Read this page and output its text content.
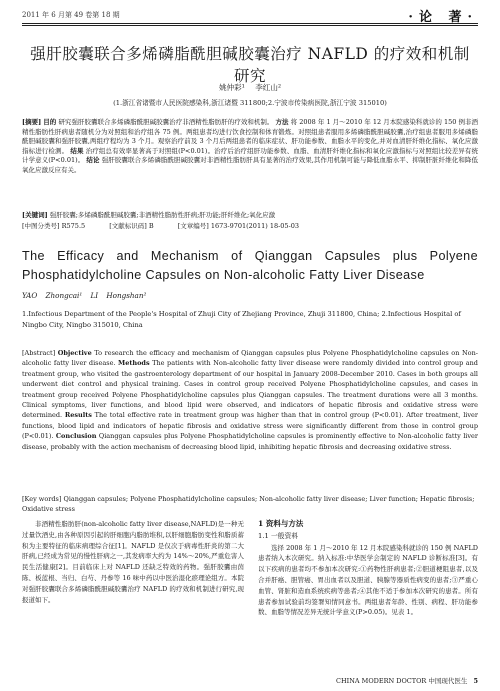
2011 年 6 月第 49 卷第 18 期	·论 著·
强肝胶囊联合多烯磷脂酰胆碱胶囊治疗 NAFLD 的疗效和机制研究
姚仲彩¹ 李红山²
(1.浙江省诸暨市人民医院感染科,浙江诸暨 311800;2.宁波市传染病医院,浙江宁波 315010)
[摘要] 目的 研究强肝胶囊联合多烯磷脂酰胆碱胶囊治疗非酒精性脂肪肝的疗效和机制。 方法 将 2008 年 1 月～2010 年 12 月本院感染科就诊的 150 例非酒精性脂肪性肝病患者随机分为对照组和治疗组各 75 例。两组患者均进行饮食控制和体育锻炼。对照组患者服用多烯磷脂酰胆碱胶囊,治疗组患者服用多烯磷脂酰胆碱胶囊和强肝胶囊,两组疗程均为 3 个月。观察治疗前及 3 个月后两组患者的临床症状、肝功能参数、血脂水平的变化,并对血清肝纤维化指标、氧化应激指标进行检测。 结果 治疗组总有效率显著高于对照组(P<0.01)。治疗后治疗组肝功能参数、血脂、血清肝纤维化指标和氧化应激指标与对照组比较差异有统计学意义(P<0.01)。 结论 强肝胶囊联合多烯磷脂酰胆碱胶囊对非酒精性脂肪肝具有显著的治疗效果,其作用机制可能与降低血脂水平、抑制肝脏纤维化和降低氧化应激反应有关。
[关键词] 强肝胶囊;多烯磷脂酰胆碱胶囊;非酒精性脂肪性肝病;肝功能;肝纤维化;氧化应激
[中图分类号] R575.5	[文献标识码] B	[文章编号] 1673-9701(2011) 18-05-03
The Efficacy and Mechanism of Qianggan Capsules plus Polyene Phosphatidylcholine Capsules on Non-alcoholic Fatty Liver Disease
YAO Zhongcai¹ LI Hongshan²
1.Infectious Department of the People's Hospital of Zhuji City of Zhejiang Province, Zhuji 311800, China; 2.Infectious Hospital of Ningbo City, Ningbo 315010, China
[Abstract] Objective To research the efficacy and mechanism of Qianggan capsules plus Polyene Phosphatidylcholine capsules on Non-alcoholic fatty liver disease. Methods The patients with Non-alcoholic fatty liver disease were randomly divided into control group and treatment group, who visited the gastroenterology department of our hospital in January 2008-December 2010. Cases in both groups all underwent diet control and physical training. Cases in control group received Polyene Phosphatidylcholine capsules, and cases in treatment group received Polyene Phosphatidylcholine capsules plus Qianggan capsules. The treatment durations were all 3 months. Clinical symptoms, liver functions, and blood lipid were observed, and indicators of hepatic fibrosis and oxidative stress were determined. Results The total effective rate in treatment group was higher than that in control group (P<0.01). After treatment, liver functions, blood lipid and indicators of hepatic fibrosis and oxidative stress were significantly different from those in control group (P<0.01). Conclusion Qianggan capsules plus Polyene Phosphatidylcholine capsules is prominently effective to Non-alcoholic fatty liver disease, probably with the action mechanism of decreasing blood lipid, inhibiting hepatic fibrosis and decreasing oxidative stress.
[Key words] Qianggan capsules; Polyene Phosphatidylcholine capsules; Non-alcoholic fatty liver disease; Liver function; Hepatic fibrosis; Oxidative stress
非酒精性脂肪肝(non-alcoholic fatty liver disease,NAFLD)是一种无过量饮酒史,由各种原因引起的肝细胞内脂肪堆积,以肝细胞脂肪变性和脂质蓄积为主要特征的临床病理综合征[1]。NAFLD 是仅次于病毒性肝炎的第二大肝病,已经成为常见的慢性肝病之一,其发病率大约为 14%～20%,严重危害人民生活健康[2]。目前临床上对 NAFLD 还缺乏特效的药物。强肝胶囊由茵陈、板蓝根、当归、白芍、丹参等 16 味中药以中医治湿化瘀理论组方。本院对强肝胶囊联合多烯磷脂酰胆碱胶囊治疗 NAFLD 的疗效和机制进行研究,现报道如下。
1 资料与方法
1.1 一般资料
选择 2008 年 1 月～2010 年 12 月本院感染科就诊的 150 例 NAFLD 患者纳入本次研究。纳入标准:中华医学会制定的 NAFLD 诊断标准[3]。有以下疾病的患者均不参加本次研究:①药物性肝病患者;②胆道梗阻患者,以及合并肝癌、胆管癌、胃出血者以及胆道、胰腺等器质性病变的患者;③严重心血管、肾脏和造血系统疾病等患者;④其他不适于参加本次研究的患者。所有患者参加试验前均签署知情同意书。两组患者年龄、性别、病程、肝功能参数、血脂等情况差异无统计学意义(P>0.05)。见表 1。
CHINA MODERN DOCTOR 中国现代医生 5
